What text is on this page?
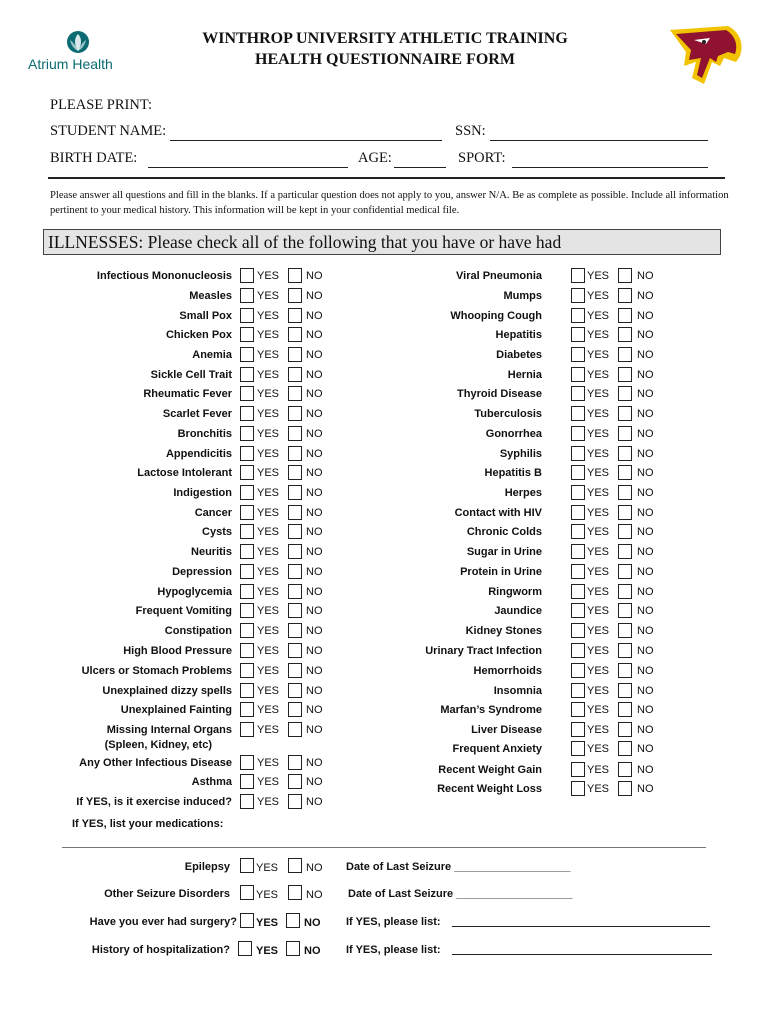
Atrium Health
WINTHROP UNIVERSITY ATHLETIC TRAINING
HEALTH QUESTIONNAIRE FORM
PLEASE PRINT:
STUDENT NAME:	SSN:
BIRTH DATE:	AGE:	SPORT:
Please answer all questions and fill in the blanks. If a particular question does not apply to you, answer N/A. Be as complete as possible. Include all information pertinent to your medical history. This information will be kept in your confidential medical file.
ILLNESSES: Please check all of the following that you have or have had
Infectious Mononucleosis YES NO
Measles YES NO
Small Pox YES NO
Chicken Pox YES NO
Anemia YES NO
Sickle Cell Trait YES NO
Rheumatic Fever YES NO
Scarlet Fever YES NO
Bronchitis YES NO
Appendicitis YES NO
Lactose Intolerant YES NO
Indigestion YES NO
Cancer YES NO
Cysts YES NO
Neuritis YES NO
Depression YES NO
Hypoglycemia YES NO
Frequent Vomiting YES NO
Constipation YES NO
High Blood Pressure YES NO
Ulcers or Stomach Problems YES NO
Unexplained dizzy spells YES NO
Unexplained Fainting YES NO
Missing Internal Organs YES NO
Any Other Infectious Disease YES NO
Asthma YES NO
If YES, is it exercise induced? YES NO
(Spleen, Kidney, etc)
Viral Pneumonia	YES	NO
Mumps	YES	NO
Whooping Cough	YES	NO
Hepatitis	YES	NO
Diabetes	YES	NO
Hernia	YES	NO
Thyroid Disease	YES	NO
Tuberculosis	YES	NO
Gonorrhea	YES	NO
Syphilis	YES	NO
Hepatitis B	YES	NO
Herpes	YES	NO
Contact with HIV	YES	NO
Chronic Colds	YES	NO
Sugar in Urine	YES	NO
Protein in Urine	YES	NO
Ringworm	YES	NO
Jaundice	YES	NO
Kidney Stones	YES	NO
Urinary Tract Infection	YES	NO
Hemorrhoids	YES	NO
Insomnia	YES	NO
Marfan’s Syndrome	YES	NO
Liver Disease	YES	NO
Frequent Anxiety	YES	NO
Recent Weight Gain	YES	NO
Recent Weight Loss	YES	NO
If YES, list your medications:
Epilepsy YES	NO Date of Last Seizure ___________________
Other Seizure Disorders YES	NO Date of Last Seizure ___________________
Have you ever had surgery? YES NO If YES, please list:
History of hospitalization? YES NO If YES, please list:
